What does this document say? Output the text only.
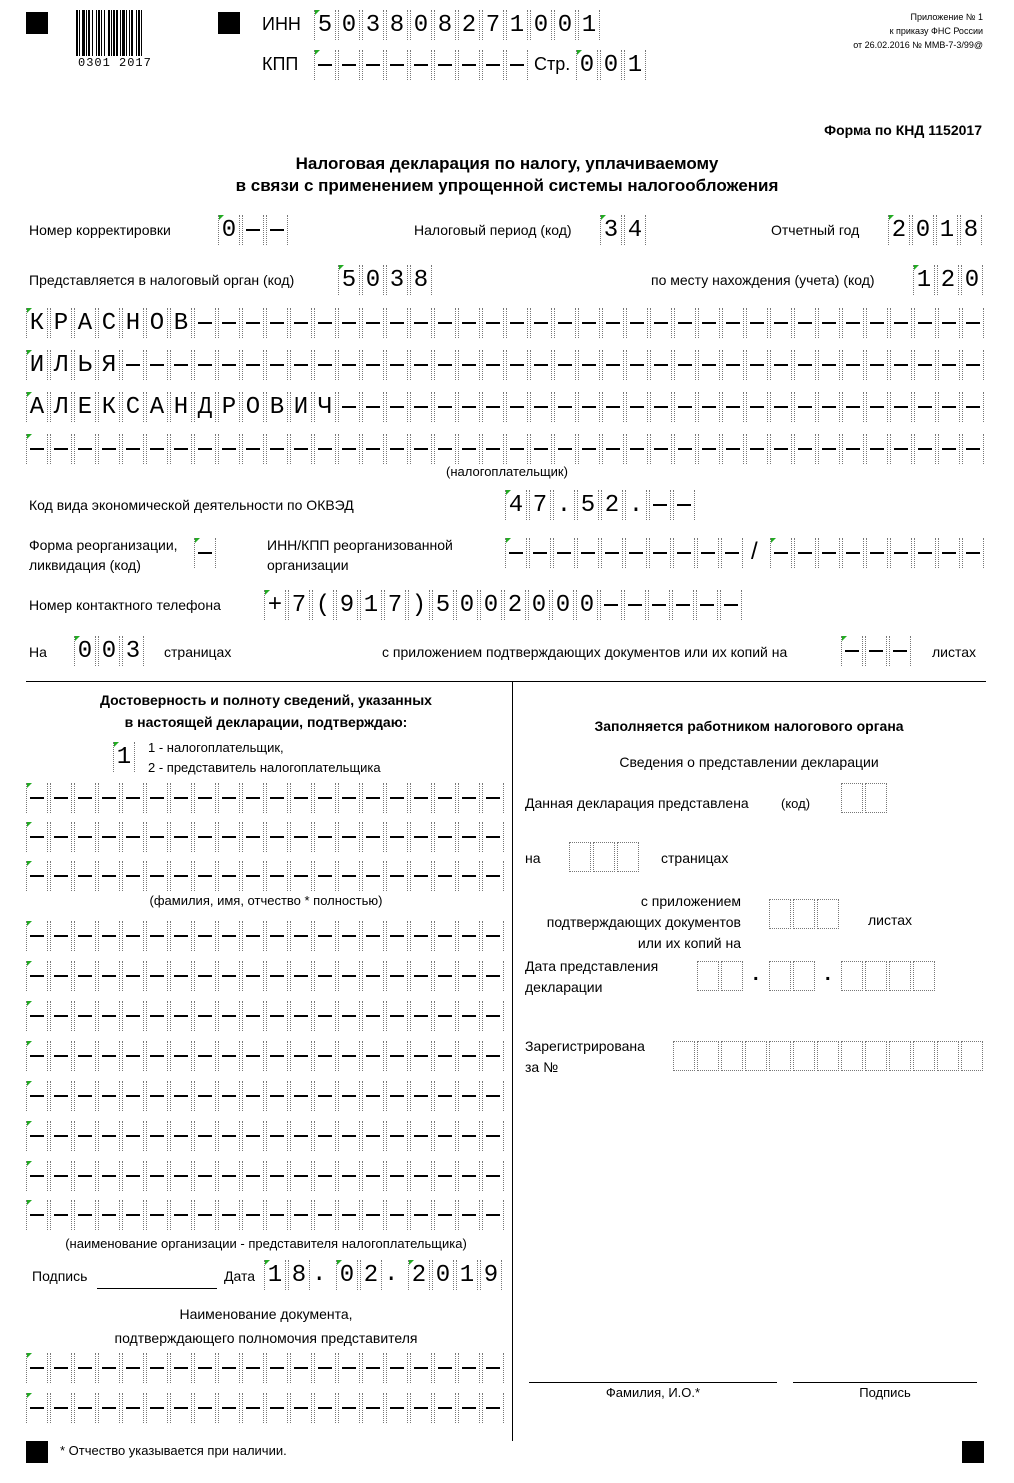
0301 2017
ИНН 5 0 3 8 0 8 2 7 1 0 0 1
КПП	Стр. 0 0 1
Приложение № 1
к приказу ФНС России
от 26.02.2016 № ММВ-7-3/99@
Форма по КНД 1152017
Налоговая декларация по налогу, уплачиваемому
в связи с применением упрощенной системы налогообложения
Номер корректировки 0	Налоговый период (код) 3 4	Отчетный год 2 0 1 8
Представляется в налоговый орган (код) 5 0 3 8	по месту нахождения (учета) (код) 1 2 0
К Р А С Н О В
И Л Ь Я
А Л Е К С А Н Д Р О В И Ч
(налогоплательщик)
Код вида экономической деятельности по ОКВЭД	4 7 . 5 2 .
Форма реорганизации,
ликвидация (код)
ИНН/КПП реорганизованной
организации	/
Номер контактного телефона + 7 ( 9 1 7 ) 5 0 0 2 0 0 0
На 0 0 3 страницах	с приложением подтверждающих документов или их копий на	листах
Достоверность и полноту сведений, указанных
в настоящей декларации, подтверждаю:
1 1 - налогоплательщик,
2 - представитель налогоплательщика
(фамилия, имя, отчество * полностью)
(наименование организации - представителя налогоплательщика)
Подпись	Дата 1 8 . 0 2 . 2 0 1 9
Наименование документа,
подтверждающего полномочия представителя
Заполняется работником налогового органа
Сведения о представлении декларации
Данная декларация представлена (код)
на	страницах
с приложением
подтверждающих документов
или их копий на
листах
Дата представления
декларации
.	.
Зарегистрирована
за №
Фамилия, И.О.*	Подпись
* Отчество указывается при наличии.
